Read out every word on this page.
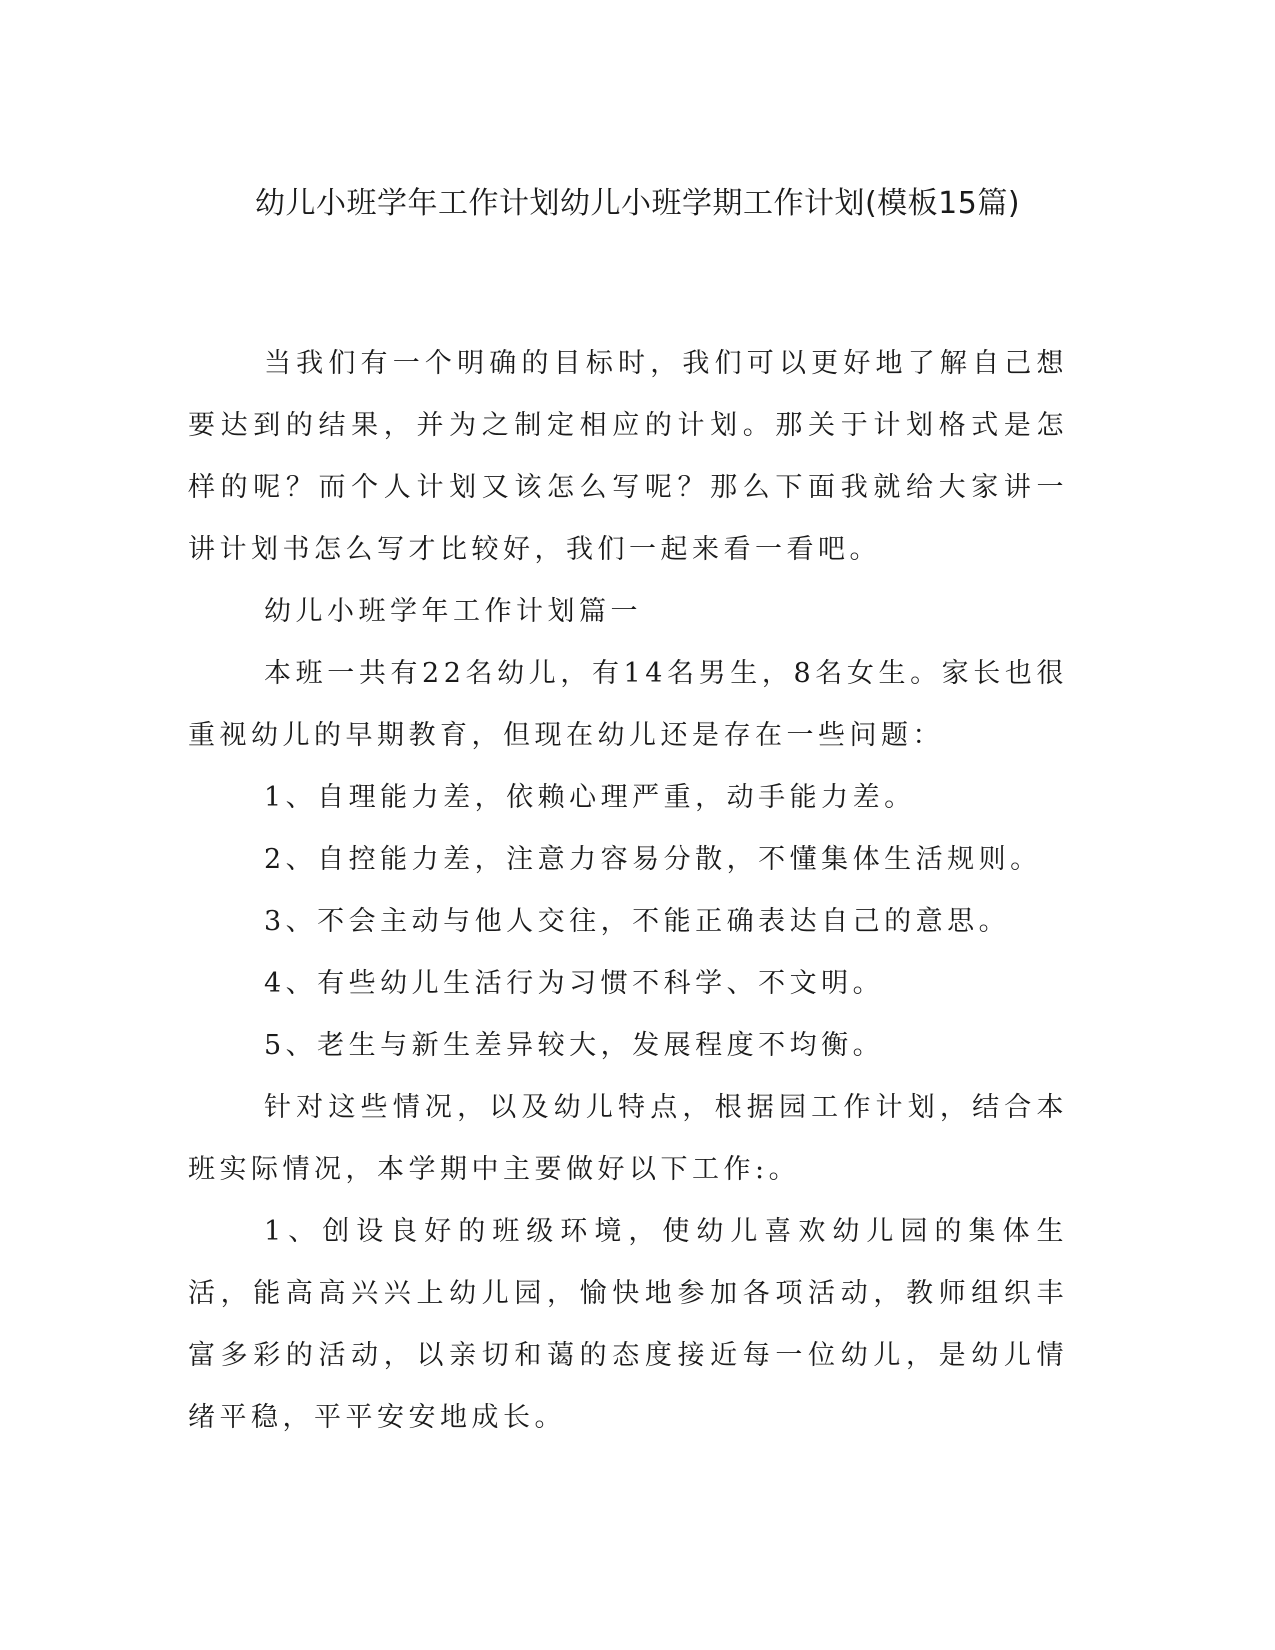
幼儿小班学年工作计划幼儿小班学期工作计划(模板15篇)

当我们有一个明确的目标时，我们可以更好地了解自己想要达到的结果，并为之制定相应的计划。那关于计划格式是怎样的呢？而个人计划又该怎么写呢？那么下面我就给大家讲一讲计划书怎么写才比较好，我们一起来看一看吧。

幼儿小班学年工作计划篇一

本班一共有22名幼儿，有14名男生，8名女生。家长也很重视幼儿的早期教育，但现在幼儿还是存在一些问题：

1、自理能力差，依赖心理严重，动手能力差。

2、自控能力差，注意力容易分散，不懂集体生活规则。

3、不会主动与他人交往，不能正确表达自己的意思。

4、有些幼儿生活行为习惯不科学、不文明。

5、老生与新生差异较大，发展程度不均衡。

针对这些情况，以及幼儿特点，根据园工作计划，结合本班实际情况，本学期中主要做好以下工作:。

1、创设良好的班级环境，使幼儿喜欢幼儿园的集体生活，能高高兴兴上幼儿园，愉快地参加各项活动，教师组织丰富多彩的活动，以亲切和蔼的态度接近每一位幼儿，是幼儿情绪平稳，平平安安地成长。
